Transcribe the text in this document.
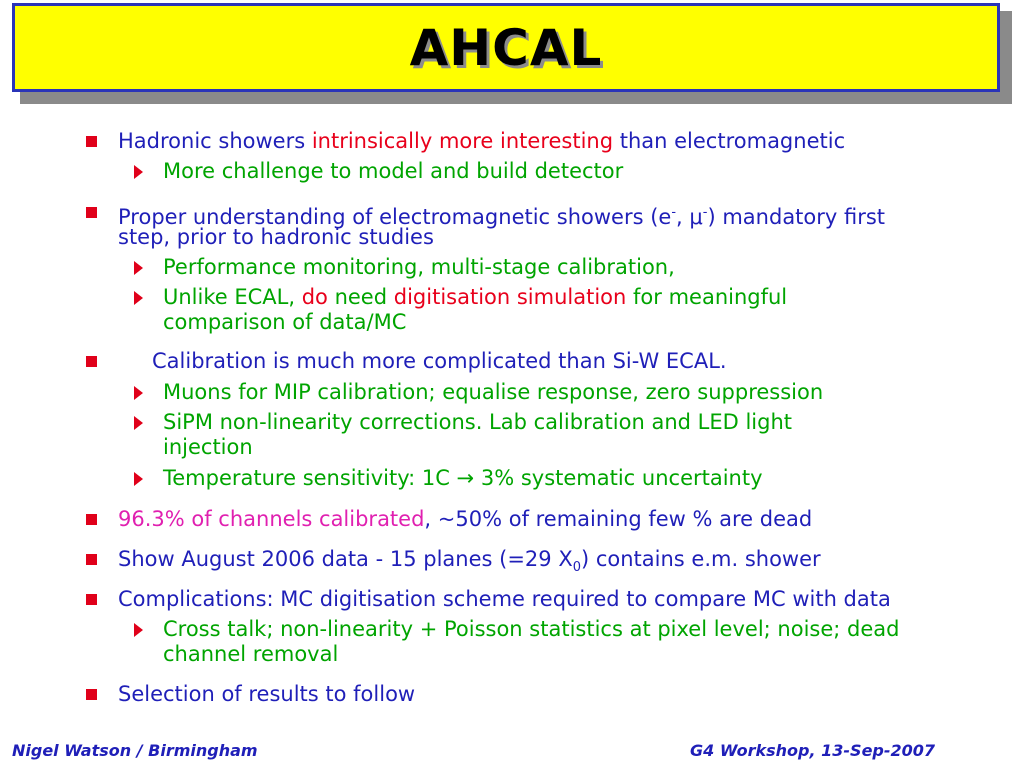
AHCAL
Hadronic showers intrinsically more interesting than electromagnetic
More challenge to model and build detector
Proper understanding of electromagnetic showers (e-, μ-) mandatory first
step, prior to hadronic studies
Performance monitoring, multi-stage calibration,
Unlike ECAL, do need digitisation simulation for meaningful
comparison of data/MC
Calibration is much more complicated than Si-W ECAL.
Muons for MIP calibration; equalise response, zero suppression
SiPM non-linearity corrections. Lab calibration and LED light
injection
Temperature sensitivity: 1C → 3% systematic uncertainty
96.3% of channels calibrated, ~50% of remaining few % are dead
Show August 2006 data - 15 planes (=29 $X_0$) contains e.m. shower
Complications: MC digitisation scheme required to compare MC with data
Cross talk; non-linearity + Poisson statistics at pixel level; noise; dead
channel removal
Selection of results to follow
Nigel Watson / Birmingham	G4 Workshop, 13-Sep-2007
